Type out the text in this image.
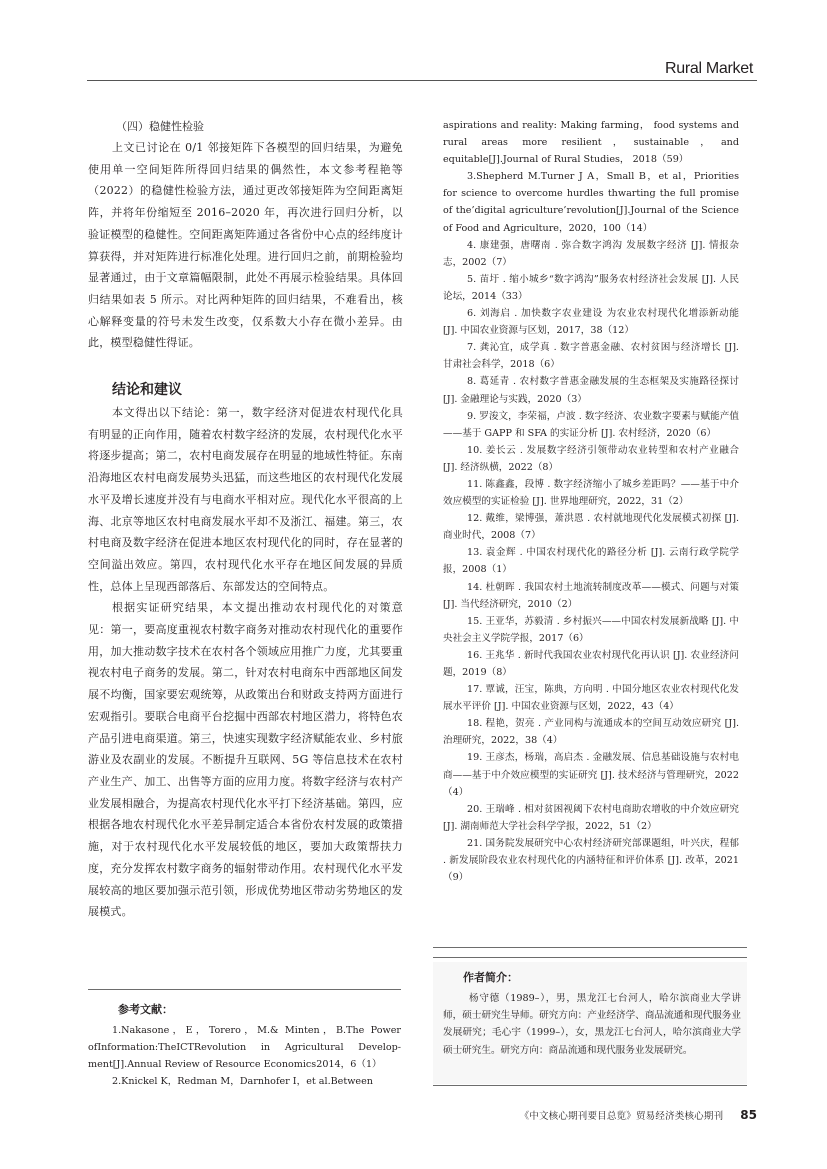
Rural Market

（四）稳健性检验

上文已讨论在 0/1 邻接矩阵下各模型的回归结果，为避免使用单一空间矩阵所得回归结果的偶然性，本文参考程艳等（2022）的稳健性检验方法，通过更改邻接矩阵为空间距离矩阵，并将年份缩短至 2016–2020 年，再次进行回归分析，以验证模型的稳健性。空间距离矩阵通过各省份中心点的经纬度计算获得，并对矩阵进行标准化处理。进行回归之前，前期检验均显著通过，由于文章篇幅限制，此处不再展示检验结果。具体回归结果如表 5 所示。对比两种矩阵的回归结果，不难看出，核心解释变量的符号未发生改变，仅系数大小存在微小差异。由此，模型稳健性得证。

结论和建议

本文得出以下结论：第一，数字经济对促进农村现代化具有明显的正向作用，随着农村数字经济的发展，农村现代化水平将逐步提高；第二，农村电商发展存在明显的地域性特征。东南沿海地区农村电商发展势头迅猛，而这些地区的农村现代化发展水平及增长速度并没有与电商水平相对应。现代化水平很高的上海、北京等地区农村电商发展水平却不及浙江、福建。第三，农村电商及数字经济在促进本地区农村现代化的同时，存在显著的空间溢出效应。第四，农村现代化水平存在地区间发展的异质性，总体上呈现西部落后、东部发达的空间特点。

根据实证研究结果，本文提出推动农村现代化的对策意见：第一，要高度重视农村数字商务对推动农村现代化的重要作用，加大推动数字技术在农村各个领域应用推广力度，尤其要重视农村电子商务的发展。第二，针对农村电商东中西部地区间发展不均衡，国家要宏观统筹，从政策出台和财政支持两方面进行宏观指引。要联合电商平台挖掘中西部农村地区潜力，将特色农产品引进电商渠道。第三，快速实现数字经济赋能农业、乡村旅游业及农副业的发展。不断提升互联网、5G 等信息技术在农村产业生产、加工、出售等方面的应用力度。将数字经济与农村产业发展相融合，为提高农村现代化水平打下经济基础。第四，应根据各地农村现代化水平差异制定适合本省份农村发展的政策措施，对于农村现代化水平发展较低的地区，要加大政策帮扶力度，充分发挥农村数字商务的辐射带动作用。农村现代化水平发展较高的地区要加强示范引领，形成优势地区带动劣势地区的发展模式。

参考文献：

1.Nakasone，E，Torero，M.& Minten，B.The Power ofInformation:TheICTRevolution in Agricultural Develop-ment[J].Annual Review of Resource Economics2014，6（1）

2.Knickel K，Redman M，Darnhofer I，et al.Between

aspirations and reality: Making farming， food systems and rural areas more resilient，sustainable，and equitable[J].Journal of Rural Studies， 2018（59）

3.Shepherd M.Turner J A，Small B，et al，Priorities for science to overcome hurdles thwarting the full promise of the’digital agriculture’revolution[J].Journal of the Science of Food and Agriculture，2020，100（14）

4. 康建强，唐曙南 . 弥合数字鸿沟 发展数字经济 [J]. 情报杂志，2002（7）

5. 苗圩 . 缩小城乡“数字鸿沟”服务农村经济社会发展 [J]. 人民论坛，2014（33）

6. 刘海启 . 加快数字农业建设 为农业农村现代化增添新动能 [J]. 中国农业资源与区划，2017，38（12）

7. 龚沁宜，成学真 . 数字普惠金融、农村贫困与经济增长 [J]. 甘肃社会科学，2018（6）

8. 葛延青 . 农村数字普惠金融发展的生态框架及实施路径探讨 [J]. 金融理论与实践，2020（3）

9. 罗浚文，李荣福，卢波 . 数字经济、农业数字要素与赋能产值——基于 GAPP 和 SFA 的实证分析 [J]. 农村经济，2020（6）

10. 姜长云 . 发展数字经济引领带动农业转型和农村产业融合 [J]. 经济纵横，2022（8）

11. 陈鑫鑫，段博 . 数字经济缩小了城乡差距吗？——基于中介效应模型的实证检验 [J]. 世界地理研究，2022，31（2）

12. 戴维，梁博强，萧洪恩 . 农村就地现代化发展模式初探 [J]. 商业时代，2008（7）

13. 袁金辉 . 中国农村现代化的路径分析 [J]. 云南行政学院学报，2008（1）

14. 杜朝晖 . 我国农村土地流转制度改革——模式、问题与对策 [J]. 当代经济研究，2010（2）

15. 王亚华，苏毅清 . 乡村振兴——中国农村发展新战略 [J]. 中央社会主义学院学报，2017（6）

16. 王兆华 . 新时代我国农业农村现代化再认识 [J]. 农业经济问题，2019（8）

17. 覃诚，汪宝，陈典，方向明 . 中国分地区农业农村现代化发展水平评价 [J]. 中国农业资源与区划，2022，43（4）

18. 程艳，贺亮 . 产业同构与流通成本的空间互动效应研究 [J]. 治理研究，2022，38（4）

19. 王彦杰，杨瑞，高启杰 . 金融发展、信息基础设施与农村电商——基于中介效应模型的实证研究 [J]. 技术经济与管理研究，2022（4）

20. 王瑞峰 . 相对贫困视阈下农村电商助农增收的中介效应研究 [J]. 湖南师范大学社会科学学报，2022，51（2）

21. 国务院发展研究中心农村经济研究部课题组，叶兴庆，程郁 . 新发展阶段农业农村现代化的内涵特征和评价体系 [J]. 改革，2021（9）

作者简介：

杨守德（1989–），男，黑龙江七台河人，哈尔滨商业大学讲师，硕士研究生导师。研究方向：产业经济学、商品流通和现代服务业发展研究；毛心宇（1999–），女，黑龙江七台河人，哈尔滨商业大学硕士研究生。研究方向：商品流通和现代服务业发展研究。

《中文核心期刊要目总览》贸易经济类核心期刊 85
